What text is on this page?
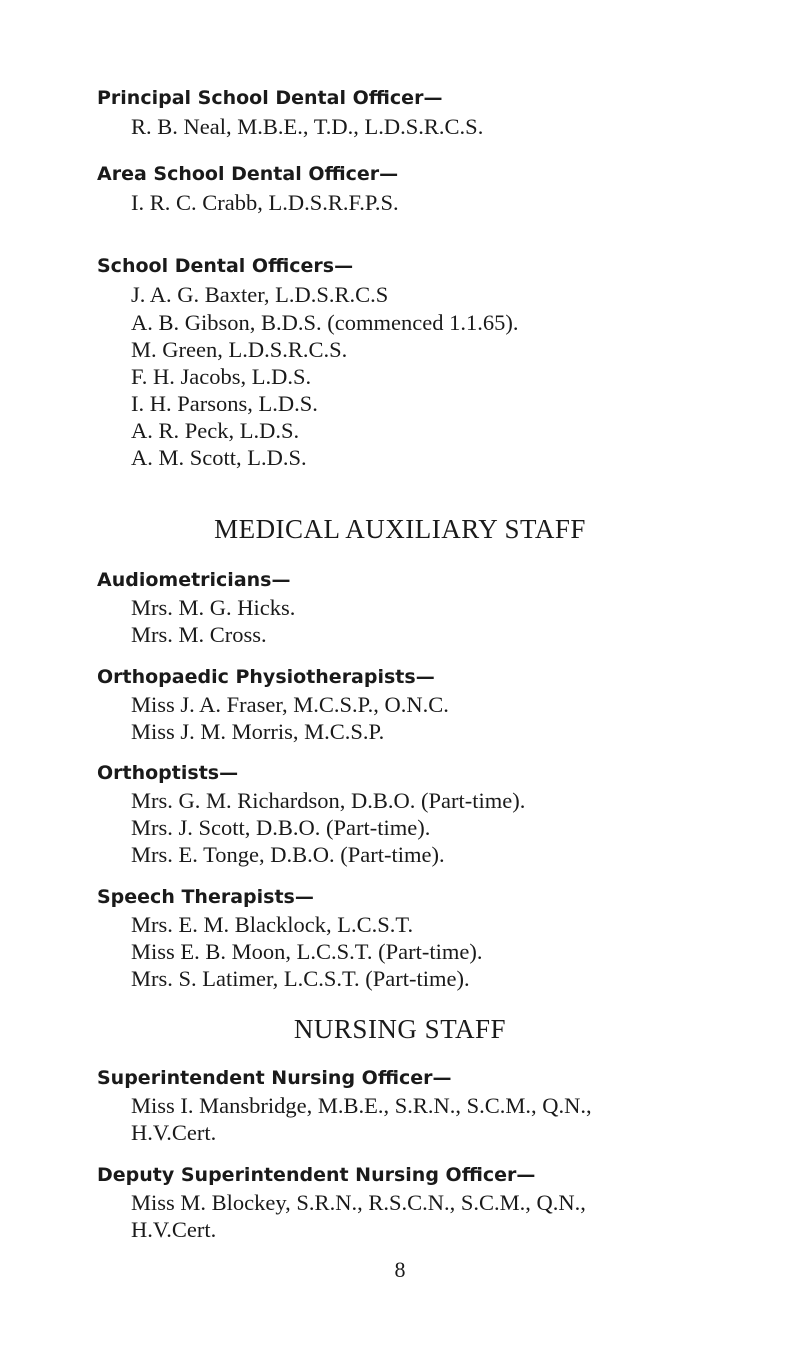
Principal School Dental Officer—
R. B. Neal, M.B.E., T.D., L.D.S.R.C.S.
Area School Dental Officer—
I. R. C. Crabb, L.D.S.R.F.P.S.
School Dental Officers—
J. A. G. Baxter, L.D.S.R.C.S
A. B. Gibson, B.D.S. (commenced 1.1.65).
M. Green, L.D.S.R.C.S.
F. H. Jacobs, L.D.S.
I. H. Parsons, L.D.S.
A. R. Peck, L.D.S.
A. M. Scott, L.D.S.
MEDICAL AUXILIARY STAFF
Audiometricians—
Mrs. M. G. Hicks.
Mrs. M. Cross.
Orthopaedic Physiotherapists—
Miss J. A. Fraser, M.C.S.P., O.N.C.
Miss J. M. Morris, M.C.S.P.
Orthoptists—
Mrs. G. M. Richardson, D.B.O. (Part-time).
Mrs. J. Scott, D.B.O. (Part-time).
Mrs. E. Tonge, D.B.O. (Part-time).
Speech Therapists—
Mrs. E. M. Blacklock, L.C.S.T.
Miss E. B. Moon, L.C.S.T. (Part-time).
Mrs. S. Latimer, L.C.S.T. (Part-time).
NURSING STAFF
Superintendent Nursing Officer—
Miss I. Mansbridge, M.B.E., S.R.N., S.C.M., Q.N.,
H.V.Cert.
Deputy Superintendent Nursing Officer—
Miss M. Blockey, S.R.N., R.S.C.N., S.C.M., Q.N.,
H.V.Cert.
8
